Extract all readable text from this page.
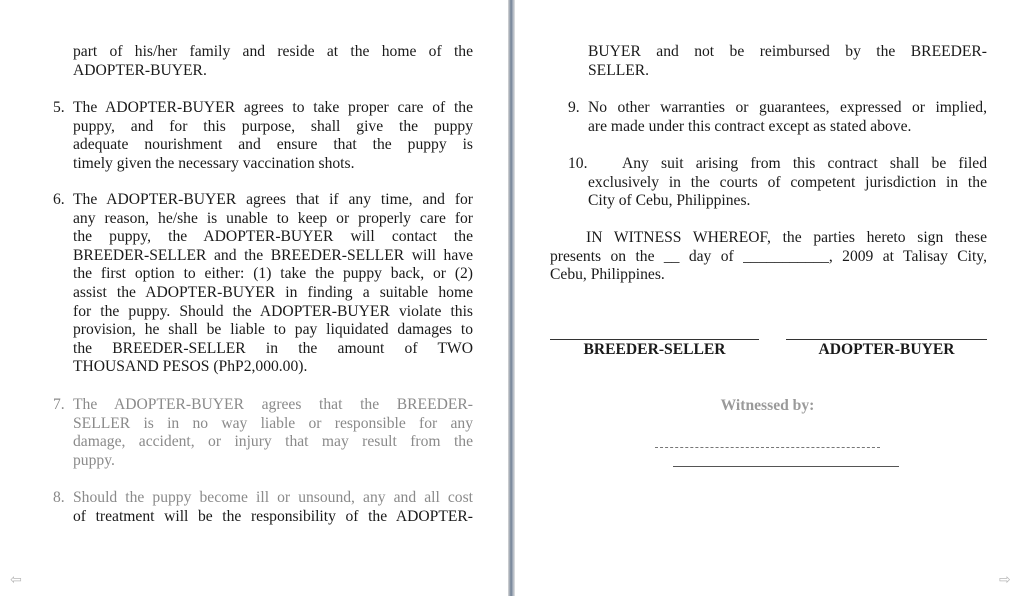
part of his/her family and reside at the home of the
ADOPTER-BUYER.
5. The ADOPTER-BUYER agrees to take proper care of the
puppy, and for this purpose, shall give the puppy
adequate nourishment and ensure that the puppy is
timely given the necessary vaccination shots.
6. The ADOPTER-BUYER agrees that if any time, and for
any reason, he/she is unable to keep or properly care for
the puppy, the ADOPTER-BUYER will contact the
BREEDER-SELLER and the BREEDER-SELLER will have
the first option to either: (1) take the puppy back, or (2)
assist the ADOPTER-BUYER in finding a suitable home
for the puppy. Should the ADOPTER-BUYER violate this
provision, he shall be liable to pay liquidated damages to
the BREEDER-SELLER in the amount of TWO
THOUSAND PESOS (PhP2,000.00).
7. The ADOPTER-BUYER agrees that the BREEDER-
SELLER is in no way liable or responsible for any
damage, accident, or injury that may result from the
puppy.
8. Should the puppy become ill or unsound, any and all cost
of treatment will be the responsibility of the ADOPTER-
⇦
BUYER and not be reimbursed by the BREEDER-
SELLER.
9. No other warranties or guarantees, expressed or implied,
are made under this contract except as stated above.
10.	Any suit arising from this contract shall be filed
exclusively in the courts of competent jurisdiction in the
City of Cebu, Philippines.
IN WITNESS WHEREOF, the parties hereto sign these
presents on the __ day of ___________, 2009 at Talisay City,
Cebu, Philippines.
BREEDER-SELLER	ADOPTER-BUYER
Witnessed by:
⇨
